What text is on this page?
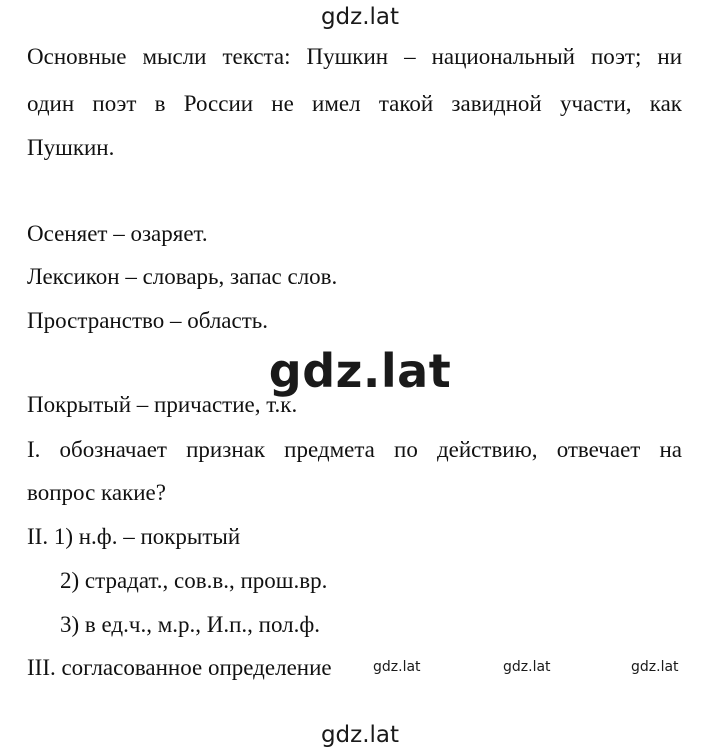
gdz.lat
Основные мысли текста: Пушкин – национальный поэт; ни
один поэт в России не имел такой завидной участи, как
Пушкин.
Осеняет – озаряет.
Лексикон – словарь, запас слов.
Пространство – область.
gdz.lat
Покрытый – причастие, т.к.
I. обозначает признак предмета по действию, отвечает на
вопрос какие?
II. 1) н.ф. – покрытый
2) страдат., сов.в., прош.вр.
3) в ед.ч., м.р., И.п., пол.ф.
III. согласованное определение	gdz.lat	gdz.lat	gdz.lat
gdz.lat
